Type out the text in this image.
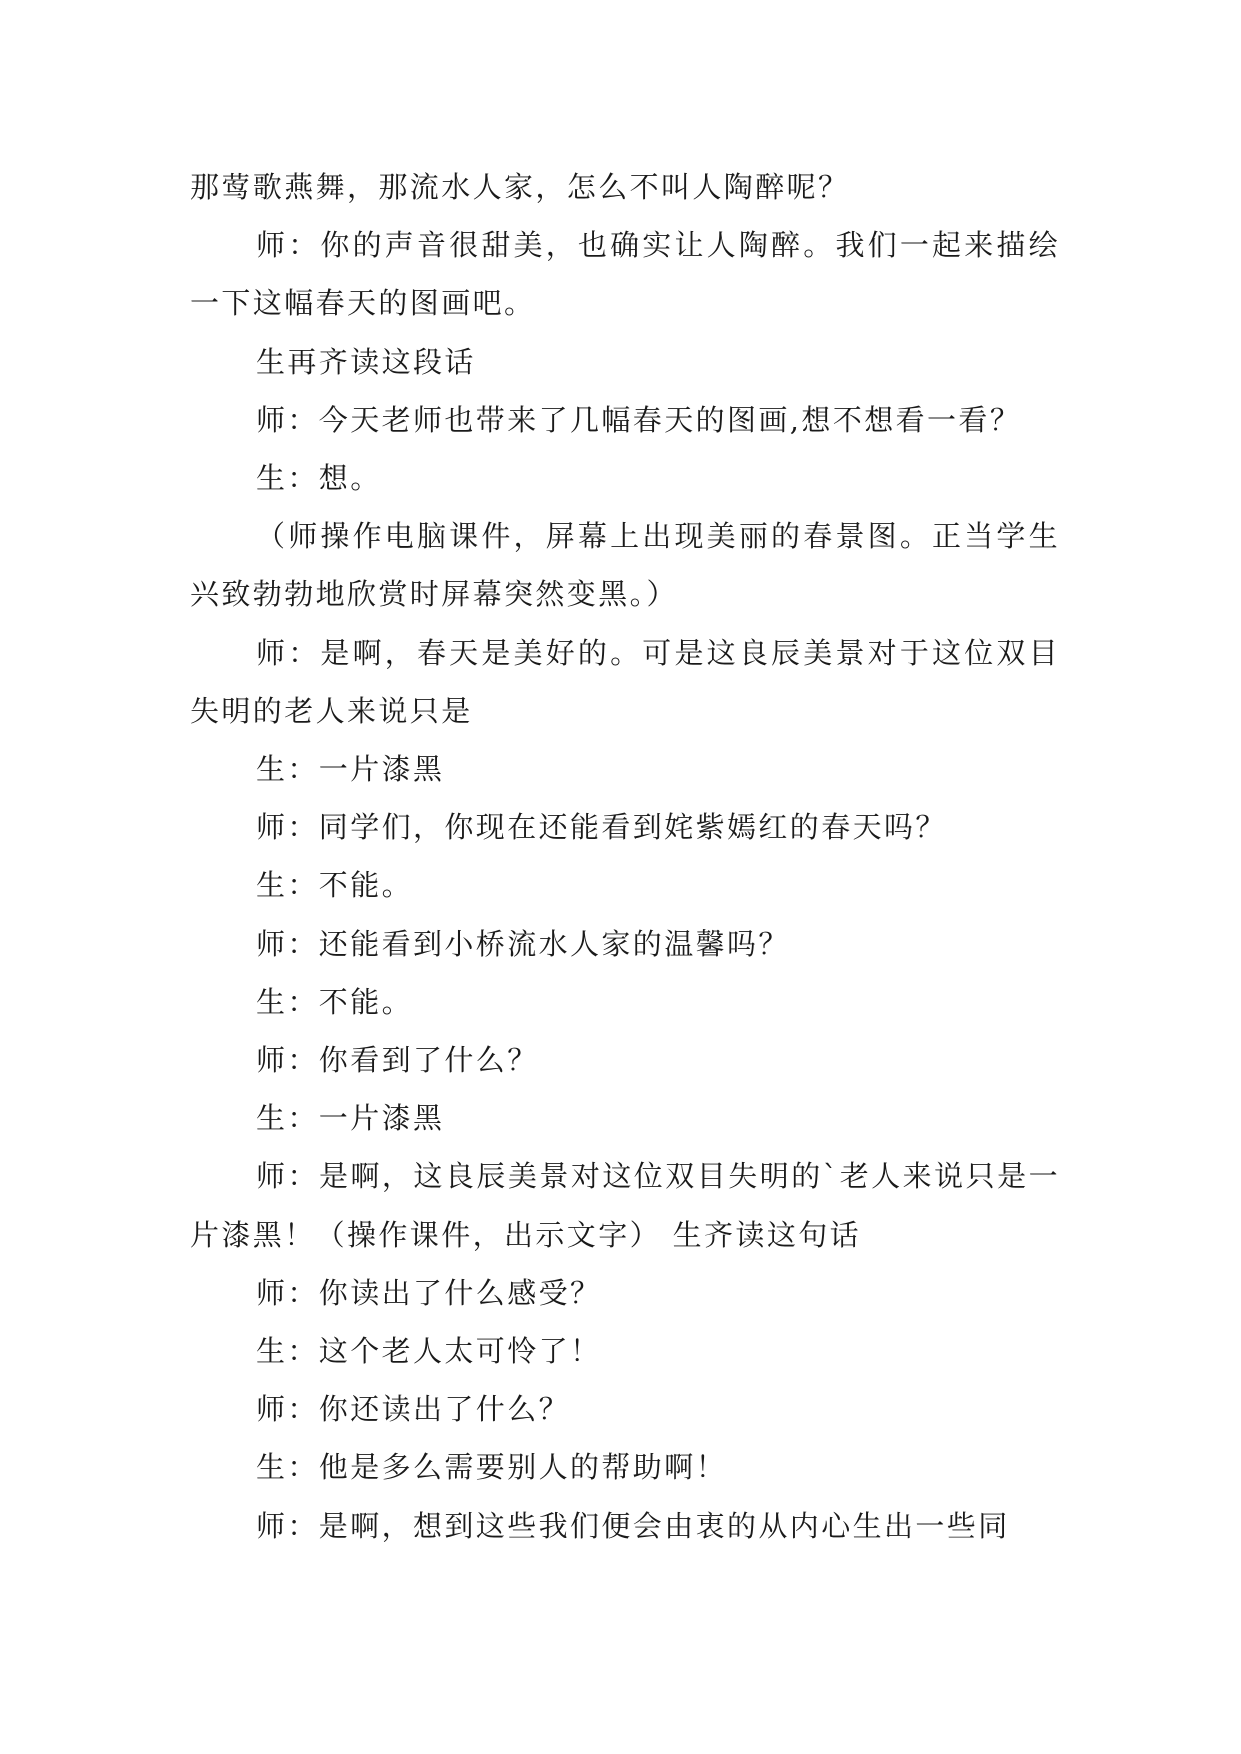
那莺歌燕舞，那流水人家，怎么不叫人陶醉呢？

师：你的声音很甜美，也确实让人陶醉。我们一起来描绘一下这幅春天的图画吧。

生再齐读这段话

师：今天老师也带来了几幅春天的图画,想不想看一看？

生：想。

（师操作电脑课件，屏幕上出现美丽的春景图。正当学生兴致勃勃地欣赏时屏幕突然变黑。）

师：是啊，春天是美好的。可是这良辰美景对于这位双目失明的老人来说只是

生：一片漆黑

师：同学们，你现在还能看到姹紫嫣红的春天吗？

生：不能。

师：还能看到小桥流水人家的温馨吗？

生：不能。

师：你看到了什么？

生：一片漆黑

师：是啊，这良辰美景对这位双目失明的`老人来说只是一片漆黑！（操作课件，出示文字） 生齐读这句话

师：你读出了什么感受？

生：这个老人太可怜了！

师：你还读出了什么？

生：他是多么需要别人的帮助啊！

师：是啊，想到这些我们便会由衷的从内心生出一些同
